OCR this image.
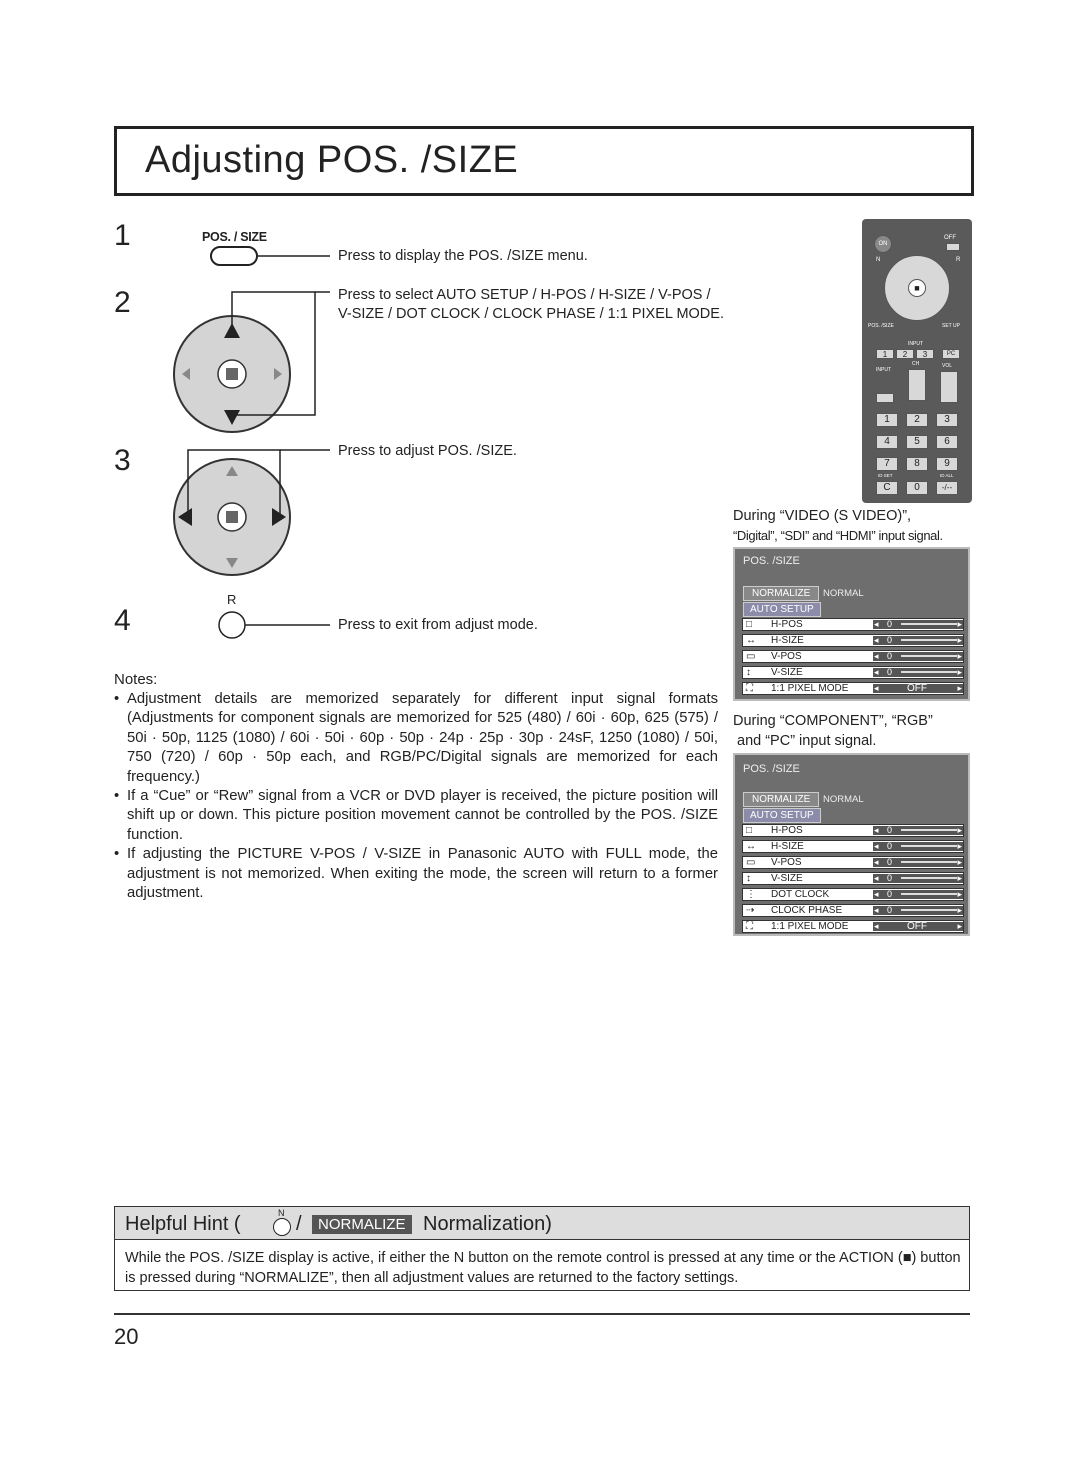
Adjusting POS. /SIZE
1
2
3
4
POS. / SIZE
R
Press to display the POS. /SIZE menu.
Press to select AUTO SETUP / H-POS / H-SIZE / V-POS /
V-SIZE / DOT CLOCK / CLOCK PHASE / 1:1 PIXEL MODE.
Press to adjust POS. /SIZE.
Press to exit from adjust mode.
Notes:
• Adjustment details are memorized separately for different input signal formats (Adjustments for component signals are memorized for 525 (480) / 60i · 60p, 625 (575) / 50i · 50p, 1125 (1080) / 60i · 50i · 60p · 50p · 24p · 25p · 30p · 24sF, 1250 (1080) / 50i, 750 (720) / 60p · 50p each, and RGB/PC/Digital signals are memorized for each frequency.)
• If a “Cue” or “Rew” signal from a VCR or DVD player is received, the picture position will shift up or down. This picture position movement cannot be controlled by the POS. /SIZE function.
• If adjusting the PICTURE V-POS / V-SIZE in Panasonic AUTO with FULL mode, the adjustment is not memorized. When exiting the mode, the screen will return to a former adjustment.
ON
OFF
N	R
■
POS. /SIZE	SET UP
INPUT
1	2	3	PC
CH	VOL
INPUT
1	2	3
4	5	6
7	8	9
ID SET	ID ALL
C	0	-/--
During “VIDEO (S VIDEO)”,
“Digital”, “SDI” and “HDMI” input signal.
During “COMPONENT”, “RGB”
and “PC” input signal.
POS. /SIZE
NORMALIZE	NORMAL
AUTO SETUP
□	H-POS	◂ 0	▸
↔	H-SIZE	◂ 0	▸
▭	V-POS	◂ 0	▸
↕	V-SIZE	◂ 0	▸
⛶	1:1 PIXEL MODE	◂	OFF	▸
POS. /SIZE
NORMALIZE	NORMAL
AUTO SETUP
□	H-POS	◂ 0	▸
↔	H-SIZE	◂ 0	▸
▭	V-POS	◂ 0	▸
↕	V-SIZE	◂ 0	▸
⋮	DOT CLOCK	◂ 0	▸
⇢	CLOCK PHASE	◂ 0	▸
⛶	1:1 PIXEL MODE	◂	OFF	▸
Helpful Hint (	N /	NORMALIZE Normalization)
While the POS. /SIZE display is active, if either the N button on the remote control is pressed at any time or the ACTION (■) button is pressed during “NORMALIZE”, then all adjustment values are returned to the factory settings.
20
